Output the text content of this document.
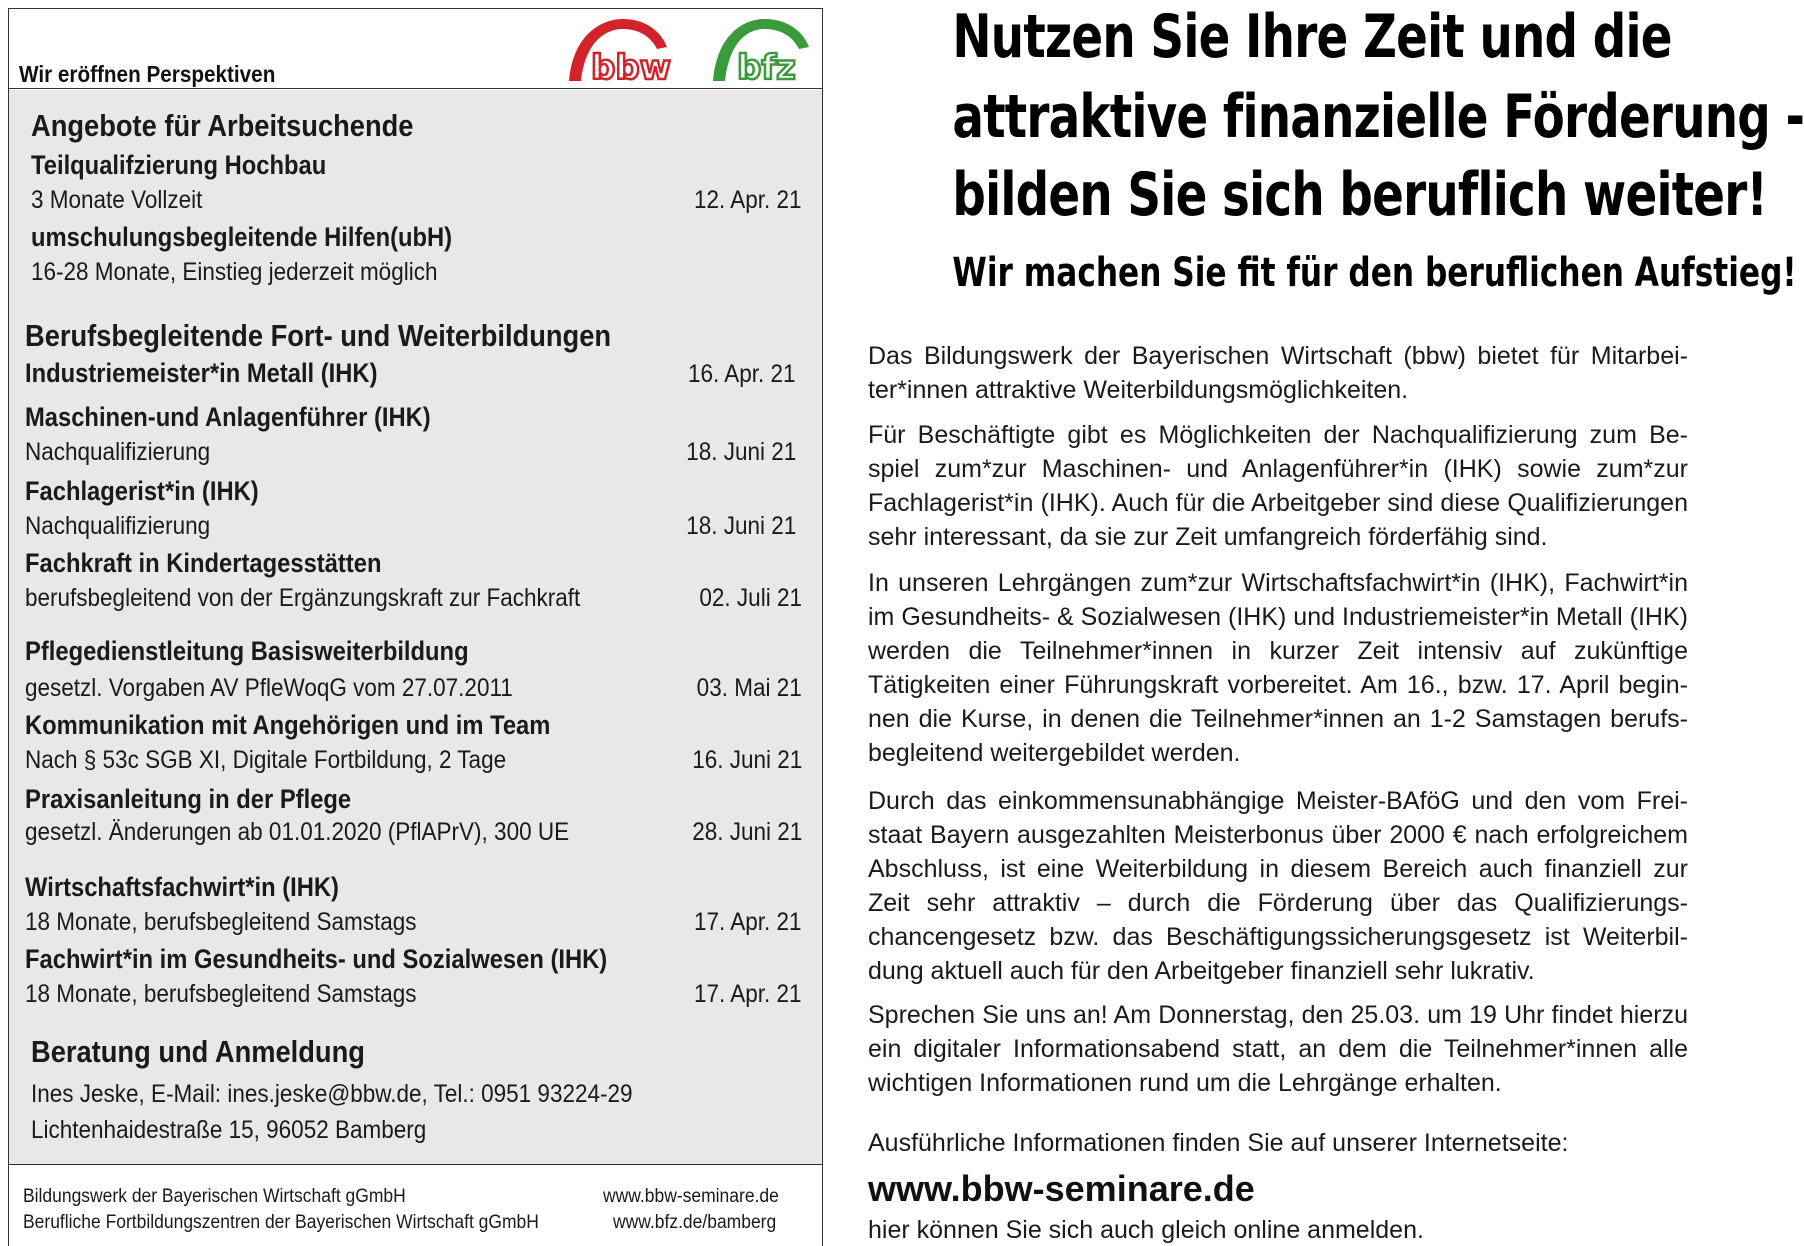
Wir eröffnen Perspektiven	bbw bfz
Angebote für Arbeitsuchende
Teilqualifzierung Hochbau
3 Monate Vollzeit	12. Apr. 21
umschulungsbegleitende Hilfen(ubH)
16-28 Monate, Einstieg jederzeit möglich
Berufsbegleitende Fort- und Weiterbildungen
Industriemeister*in Metall (IHK)	16. Apr. 21
Maschinen-und Anlagenführer (IHK)
Nachqualifizierung	18. Juni 21
Fachlagerist*in (IHK)
Nachqualifizierung	18. Juni 21
Fachkraft in Kindertagesstätten
berufsbegleitend von der Ergänzungskraft zur Fachkraft	02. Juli 21
Pflegedienstleitung Basisweiterbildung
gesetzl. Vorgaben AV PfleWoqG vom 27.07.2011	03. Mai 21
Kommunikation mit Angehörigen und im Team
Nach § 53c SGB XI, Digitale Fortbildung, 2 Tage	16. Juni 21
Praxisanleitung in der Pflege
gesetzl. Änderungen ab 01.01.2020 (PflAPrV), 300 UE	28. Juni 21
Wirtschaftsfachwirt*in (IHK)
18 Monate, berufsbegleitend Samstags	17. Apr. 21
Fachwirt*in im Gesundheits- und Sozialwesen (IHK)
18 Monate, berufsbegleitend Samstags	17. Apr. 21
Beratung und Anmeldung
Ines Jeske, E-Mail: ines.jeske@bbw.de, Tel.: 0951 93224-29
Lichtenhaidestraße 15, 96052 Bamberg
Bildungswerk der Bayerischen Wirtschaft gGmbH
Berufliche Fortbildungszentren der Bayerischen Wirtschaft gGmbH
www.bbw-seminare.de
www.bfz.de/bamberg
Nutzen Sie Ihre Zeit und die
attraktive finanzielle Förderung -
bilden Sie sich beruflich weiter!
Wir machen Sie fit für den beruflichen Aufstieg!
Das Bildungswerk der Bayerischen Wirtschaft (bbw) bietet für Mitarbeiter*innen attraktive Weiterbildungsmöglichkeiten.
Für Beschäftigte gibt es Möglichkeiten der Nachqualifizierung zum Bespiel zum*zur Maschinen- und Anlagenführer*in (IHK) sowie zum*zur Fachlagerist*in (IHK). Auch für die Arbeitgeber sind diese Qualifizierungen sehr interessant, da sie zur Zeit umfangreich förderfähig sind.
In unseren Lehrgängen zum*zur Wirtschaftsfachwirt*in (IHK), Fachwirt*in im Gesundheits- & Sozialwesen (IHK) und Industriemeister*in Metall (IHK) werden die Teilnehmer*innen in kurzer Zeit intensiv auf zukünftige Tätigkeiten einer Führungskraft vorbereitet. Am 16., bzw. 17. April beginnen die Kurse, in denen die Teilnehmer*innen an 1-2 Samstagen berufsbegleitend weitergebildet werden.
Durch das einkommensunabhängige Meister-BAföG und den vom Freistaat Bayern ausgezahlten Meisterbonus über 2000 € nach erfolgreichem Abschluss, ist eine Weiterbildung in diesem Bereich auch finanziell zur Zeit sehr attraktiv – durch die Förderung über das Qualifizierungschancengesetz bzw. das Beschäftigungssicherungsgesetz ist Weiterbildung aktuell auch für den Arbeitgeber finanziell sehr lukrativ.
Sprechen Sie uns an! Am Donnerstag, den 25.03. um 19 Uhr findet hierzu ein digitaler Informationsabend statt, an dem die Teilnehmer*innen alle wichtigen Informationen rund um die Lehrgänge erhalten.
Ausführliche Informationen finden Sie auf unserer Internetseite:
www.bbw-seminare.de
hier können Sie sich auch gleich online anmelden.
